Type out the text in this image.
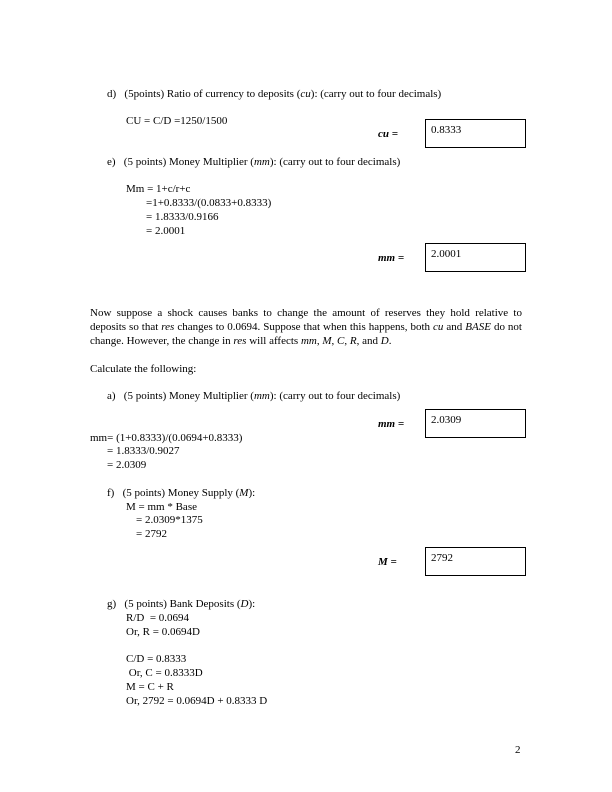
d)   (5points) Ratio of currency to deposits (cu): (carry out to four decimals)
CU = C/D =1250/1500
cu =	0.8333
e)   (5 points) Money Multiplier (mm): (carry out to four decimals)
Mm = 1+c/r+c
=1+0.8333/(0.0833+0.8333)
= 1.8333/0.9166
= 2.0001
mm =	2.0001
Now suppose a shock causes banks to change the amount of reserves they hold relative to deposits so that res changes to 0.0694. Suppose that when this happens, both cu and BASE do not change. However, the change in res will affects mm, M, C, R, and D.
Calculate the following:
a)   (5 points) Money Multiplier (mm): (carry out to four decimals)
mm =	2.0309
mm= (1+0.8333)/(0.0694+0.8333)
= 1.8333/0.9027
= 2.0309
f)   (5 points) Money Supply (M):
M = mm * Base
= 2.0309*1375
= 2792
M =	2792
g)   (5 points) Bank Deposits (D):
R/D  = 0.0694
Or, R = 0.0694D
C/D = 0.8333
Or, C = 0.8333D
M = C + R
Or, 2792 = 0.0694D + 0.8333 D
2
